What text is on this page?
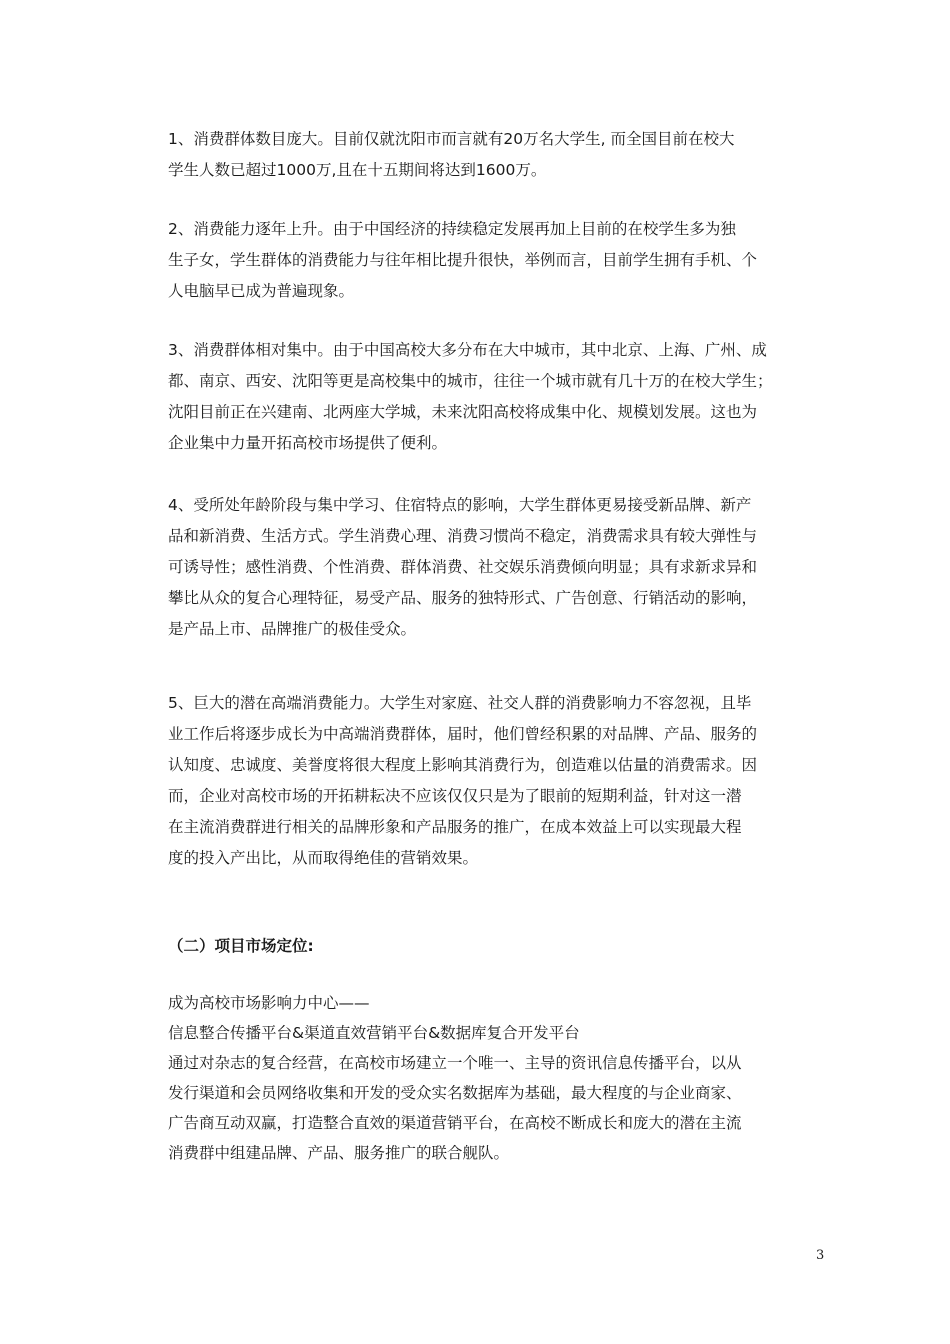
1、消费群体数目庞大。目前仅就沈阳市而言就有20万名大学生, 而全国目前在校大
学生人数已超过1000万,且在十五期间将达到1600万。

2、消费能力逐年上升。由于中国经济的持续稳定发展再加上目前的在校学生多为独
生子女，学生群体的消费能力与往年相比提升很快，举例而言，目前学生拥有手机、个
人电脑早已成为普遍现象。

3、消费群体相对集中。由于中国高校大多分布在大中城市，其中北京、上海、广州、成
都、南京、西安、沈阳等更是高校集中的城市，往往一个城市就有几十万的在校大学生；
沈阳目前正在兴建南、北两座大学城，未来沈阳高校将成集中化、规模划发展。这也为
企业集中力量开拓高校市场提供了便利。

4、受所处年龄阶段与集中学习、住宿特点的影响，大学生群体更易接受新品牌、新产
品和新消费、生活方式。学生消费心理、消费习惯尚不稳定，消费需求具有较大弹性与
可诱导性；感性消费、个性消费、群体消费、社交娱乐消费倾向明显；具有求新求异和
攀比从众的复合心理特征，易受产品、服务的独特形式、广告创意、行销活动的影响，
是产品上市、品牌推广的极佳受众。

5、巨大的潜在高端消费能力。大学生对家庭、社交人群的消费影响力不容忽视，且毕
业工作后将逐步成长为中高端消费群体，届时，他们曾经积累的对品牌、产品、服务的
认知度、忠诚度、美誉度将很大程度上影响其消费行为，创造难以估量的消费需求。因
而，企业对高校市场的开拓耕耘决不应该仅仅只是为了眼前的短期利益，针对这一潜
在主流消费群进行相关的品牌形象和产品服务的推广，在成本效益上可以实现最大程
度的投入产出比，从而取得绝佳的营销效果。

（二）项目市场定位:

成为高校市场影响力中心——
信息整合传播平台&渠道直效营销平台&数据库复合开发平台
通过对杂志的复合经营，在高校市场建立一个唯一、主导的资讯信息传播平台，以从
发行渠道和会员网络收集和开发的受众实名数据库为基础，最大程度的与企业商家、
广告商互动双赢，打造整合直效的渠道营销平台，在高校不断成长和庞大的潜在主流
消费群中组建品牌、产品、服务推广的联合舰队。

3
